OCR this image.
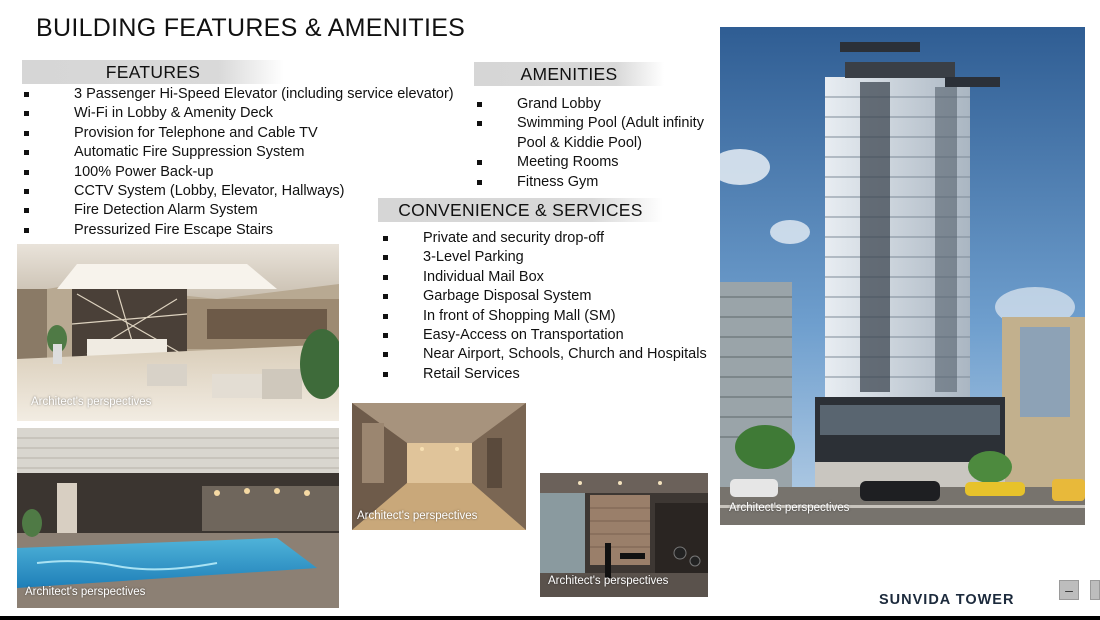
BUILDING FEATURES & AMENITIES
FEATURES
3 Passenger Hi-Speed Elevator (including service elevator)
Wi-Fi in Lobby & Amenity Deck
Provision for Telephone and Cable TV
Automatic Fire Suppression System
100% Power Back-up
CCTV System (Lobby, Elevator, Hallways)
Fire Detection Alarm System
Pressurized Fire Escape Stairs
AMENITIES
Grand Lobby
Swimming Pool (Adult infinity Pool & Kiddie Pool)
Meeting Rooms
Fitness Gym
CONVENIENCE & SERVICES
Private and security drop-off
3-Level Parking
Individual Mail Box
Garbage Disposal System
In front of Shopping Mall (SM)
Easy-Access on Transportation
Near Airport, Schools, Church and Hospitals
Retail Services
Architect's perspectives
Architect's perspectives
Architect's perspectives
Architect's perspectives
Architect's perspectives
SUNVIDA TOWER
–
